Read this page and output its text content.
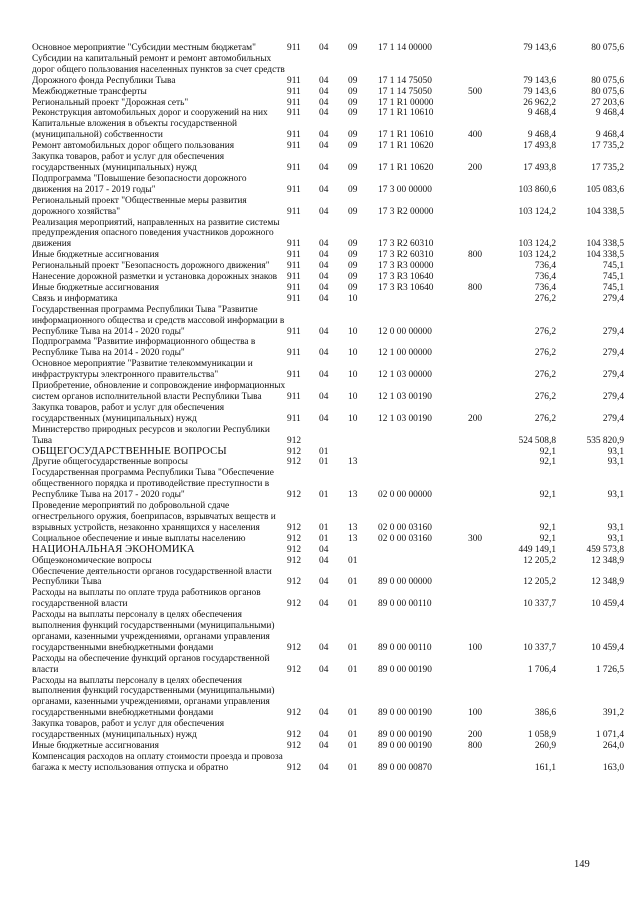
Основное мероприятие "Субсидии местным бюджетам"	911	04	09	17 1 14 00000		79 143,6	80 075,6
Субсидии на капитальный ремонт и ремонт автомобильных дорог общего пользования населенных пунктов за счет средств Дорожного фонда Республики Тыва	911	04	09	17 1 14 75050		79 143,6	80 075,6
Межбюджетные трансферты	911	04	09	17 1 14 75050	500	79 143,6	80 075,6
Региональный проект "Дорожная сеть"	911	04	09	17 1 R1 00000		26 962,2	27 203,6
Реконструкция автомобильных дорог и сооружений на них	911	04	09	17 1 R1 10610		9 468,4	9 468,4
Капитальные вложения в объекты государственной (муниципальной) собственности	911	04	09	17 1 R1 10610	400	9 468,4	9 468,4
Ремонт автомобильных дорог общего пользования	911	04	09	17 1 R1 10620		17 493,8	17 735,2
Закупка товаров, работ и услуг для обеспечения государственных (муниципальных) нужд	911	04	09	17 1 R1 10620	200	17 493,8	17 735,2
Подпрограмма "Повышение безопасности дорожного движения на 2017 - 2019 годы"	911	04	09	17 3 00 00000		103 860,6	105 083,6
Региональный проект "Общественные меры развития дорожного хозяйства"	911	04	09	17 3 R2 00000		103 124,2	104 338,5
Реализация мероприятий, направленных на развитие системы предупреждения опасного поведения участников дорожного движения	911	04	09	17 3 R2 60310		103 124,2	104 338,5
Иные бюджетные ассигнования	911	04	09	17 3 R2 60310	800	103 124,2	104 338,5
Региональный проект "Безопасность дорожного движения"	911	04	09	17 3 R3 00000		736,4	745,1
Нанесение дорожной разметки и установка дорожных знаков	911	04	09	17 3 R3 10640		736,4	745,1
Иные бюджетные ассигнования	911	04	09	17 3 R3 10640	800	736,4	745,1
Связь и информатика	911	04	10			276,2	279,4
Государственная программа Республики Тыва "Развитие информационного общества и средств массовой информации в Республике Тыва на 2014 - 2020 годы"	911	04	10	12 0 00 00000		276,2	279,4
Подпрограмма "Развитие информационного общества в Республике Тыва на 2014 - 2020 годы"	911	04	10	12 1 00 00000		276,2	279,4
Основное мероприятие "Развитие телекоммуникации и инфраструктуры электронного правительства"	911	04	10	12 1 03 00000		276,2	279,4
Приобретение, обновление и сопровождение информационных систем органов исполнительной власти Республики Тыва	911	04	10	12 1 03 00190		276,2	279,4
Закупка товаров, работ и услуг для обеспечения государственных (муниципальных) нужд	911	04	10	12 1 03 00190	200	276,2	279,4
Министерство природных ресурсов и экологии Республики Тыва	912					524 508,8	535 820,9
ОБЩЕГОСУДАРСТВЕННЫЕ ВОПРОСЫ	912	01				92,1	93,1
Другие общегосударственные вопросы	912	01	13			92,1	93,1
Государственная программа Республики Тыва "Обеспечение общественного порядка и противодействие преступности в Республике Тыва на 2017 - 2020 годы"	912	01	13	02 0 00 00000		92,1	93,1
Проведение мероприятий по добровольной сдаче огнестрельного оружия, боеприпасов, взрывчатых веществ и взрывных устройств, незаконно хранящихся у населения	912	01	13	02 0 00 03160		92,1	93,1
Социальное обеспечение и иные выплаты населению	912	01	13	02 0 00 03160	300	92,1	93,1
НАЦИОНАЛЬНАЯ ЭКОНОМИКА	912	04				449 149,1	459 573,8
Общеэкономические вопросы	912	04	01			12 205,2	12 348,9
Обеспечение деятельности органов государственной власти Республики Тыва	912	04	01	89 0 00 00000		12 205,2	12 348,9
Расходы на выплаты по оплате труда работников органов государственной власти	912	04	01	89 0 00 00110		10 337,7	10 459,4
Расходы на выплаты персоналу в целях обеспечения выполнения функций государственными (муниципальными) органами, казенными учреждениями, органами управления государственными внебюджетными фондами	912	04	01	89 0 00 00110	100	10 337,7	10 459,4
Расходы на обеспечение функций органов государственной власти	912	04	01	89 0 00 00190		1 706,4	1 726,5
Расходы на выплаты персоналу в целях обеспечения выполнения функций государственными (муниципальными) органами, казенными учреждениями, органами управления государственными внебюджетными фондами	912	04	01	89 0 00 00190	100	386,6	391,2
Закупка товаров, работ и услуг для обеспечения государственных (муниципальных) нужд	912	04	01	89 0 00 00190	200	1 058,9	1 071,4
Иные бюджетные ассигнования	912	04	01	89 0 00 00190	800	260,9	264,0
Компенсация расходов на оплату стоимости проезда и провоза багажа к месту использования отпуска и обратно	912	04	01	89 0 00 00870		161,1	163,0
149
